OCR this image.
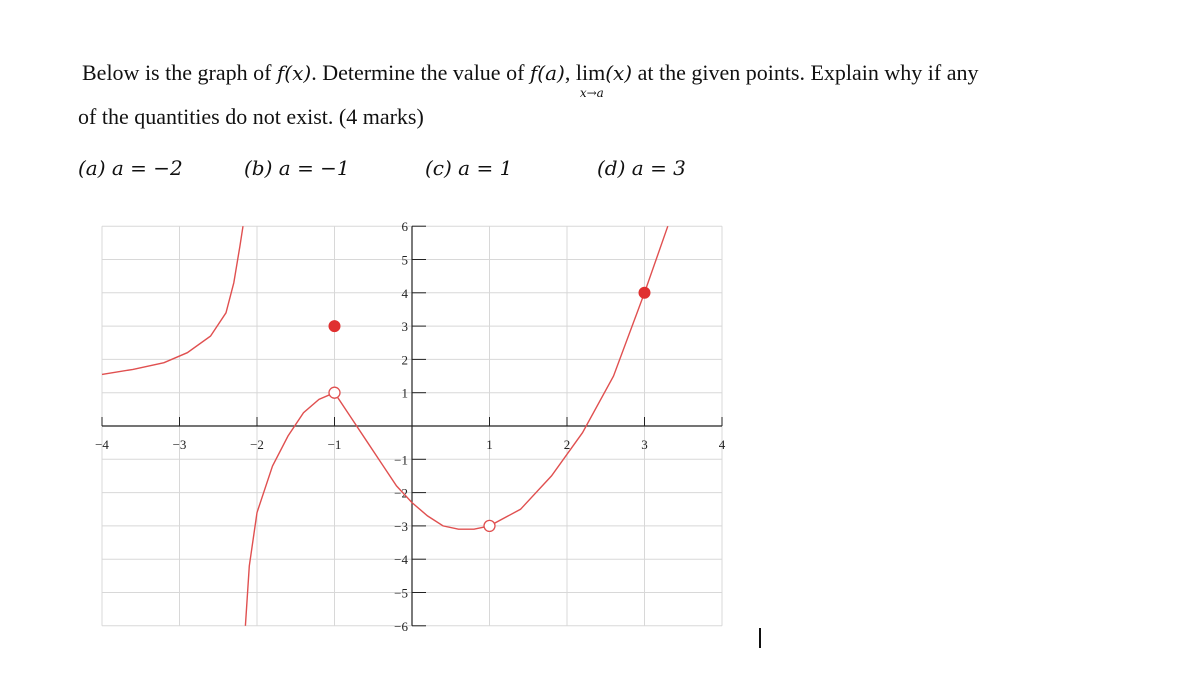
Below is the graph of f(x). Determine the value of f(a), lim
x→a
(x) at the given points. Explain why if any
of the quantities do not exist. (4 marks)
(a) a = −2	(b) a = −1	(c) a = 1	(d) a = 3
−4	−3	−2	−1	1	2	3	4
6
5
4
3
2
1
−1
−2
−3
−4
−5
−6
